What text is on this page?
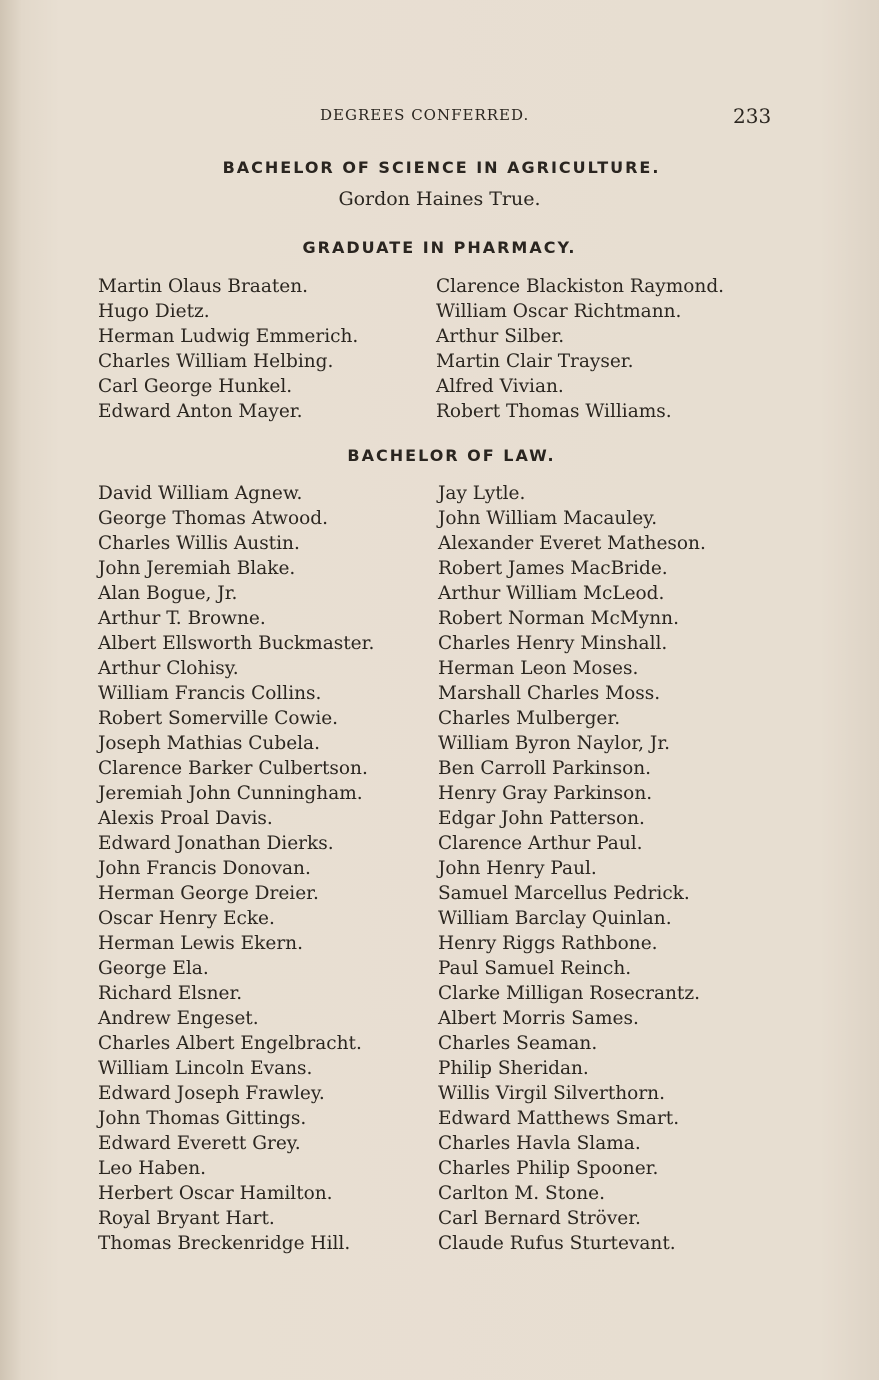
DEGREES CONFERRED.	233
BACHELOR OF SCIENCE IN AGRICULTURE.
Gordon Haines True.
GRADUATE IN PHARMACY.
Martin Olaus Braaten.
Hugo Dietz.
Herman Ludwig Emmerich.
Charles William Helbing.
Carl George Hunkel.
Edward Anton Mayer.
Clarence Blackiston Raymond.
William Oscar Richtmann.
Arthur Silber.
Martin Clair Trayser.
Alfred Vivian.
Robert Thomas Williams.
BACHELOR OF LAW.
David William Agnew.
George Thomas Atwood.
Charles Willis Austin.
John Jeremiah Blake.
Alan Bogue, Jr.
Arthur T. Browne.
Albert Ellsworth Buckmaster.
Arthur Clohisy.
William Francis Collins.
Robert Somerville Cowie.
Joseph Mathias Cubela.
Clarence Barker Culbertson.
Jeremiah John Cunningham.
Alexis Proal Davis.
Edward Jonathan Dierks.
John Francis Donovan.
Herman George Dreier.
Oscar Henry Ecke.
Herman Lewis Ekern.
George Ela.
Richard Elsner.
Andrew Engeset.
Charles Albert Engelbracht.
William Lincoln Evans.
Edward Joseph Frawley.
John Thomas Gittings.
Edward Everett Grey.
Leo Haben.
Herbert Oscar Hamilton.
Royal Bryant Hart.
Thomas Breckenridge Hill.
Jay Lytle.
John William Macauley.
Alexander Everet Matheson.
Robert James MacBride.
Arthur William McLeod.
Robert Norman McMynn.
Charles Henry Minshall.
Herman Leon Moses.
Marshall Charles Moss.
Charles Mulberger.
William Byron Naylor, Jr.
Ben Carroll Parkinson.
Henry Gray Parkinson.
Edgar John Patterson.
Clarence Arthur Paul.
John Henry Paul.
Samuel Marcellus Pedrick.
William Barclay Quinlan.
Henry Riggs Rathbone.
Paul Samuel Reinch.
Clarke Milligan Rosecrantz.
Albert Morris Sames.
Charles Seaman.
Philip Sheridan.
Willis Virgil Silverthorn.
Edward Matthews Smart.
Charles Havla Slama.
Charles Philip Spooner.
Carlton M. Stone.
Carl Bernard Ströver.
Claude Rufus Sturtevant.
